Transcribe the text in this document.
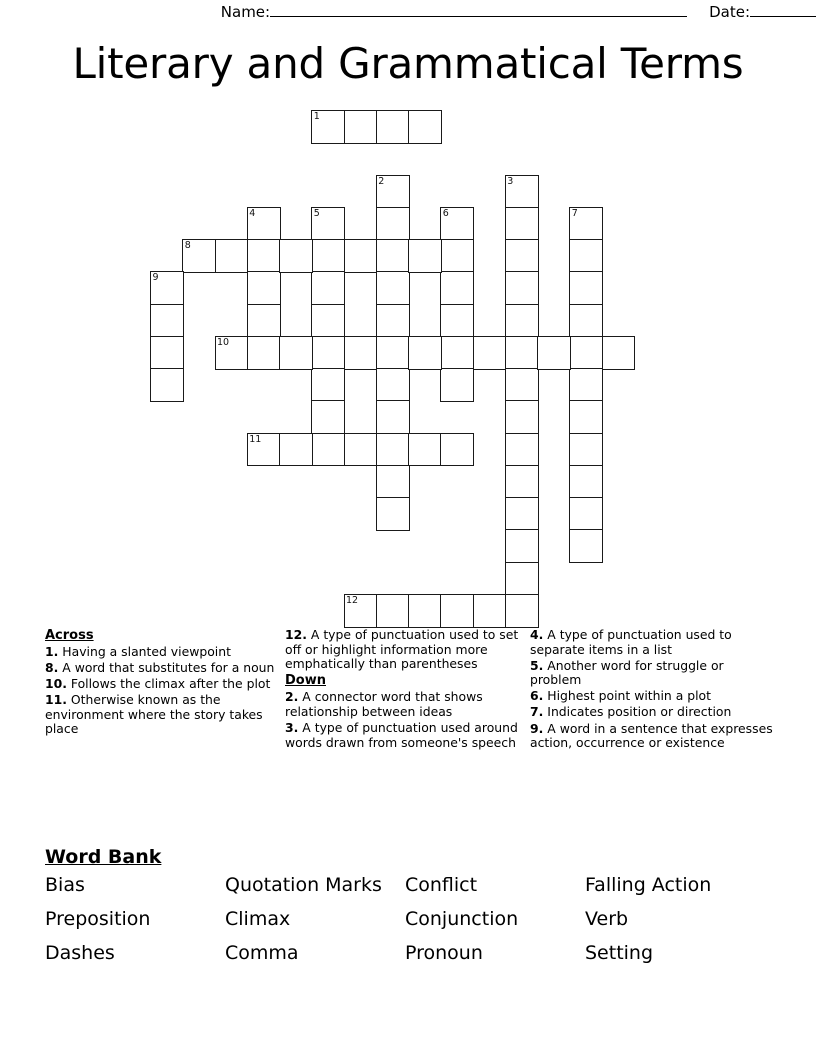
Name:	Date:
Literary and Grammatical Terms
1
2	3
4	5	6	7
8
9
10
11
12
Across
1. Having a slanted viewpoint
8. A word that substitutes for a noun
10. Follows the climax after the plot
11. Otherwise known as the environment where the story takes place
12. A type of punctuation used to set off or highlight information more emphatically than parentheses
Down
2. A connector word that shows relationship between ideas
3. A type of punctuation used around words drawn from someone's speech
4. A type of punctuation used to separate items in a list
5. Another word for struggle or problem
6. Highest point within a plot
7. Indicates position or direction
9. A word in a sentence that expresses action, occurrence or existence
Word Bank
Bias	Quotation Marks	Conflict	Falling Action
Preposition	Climax	Conjunction	Verb
Dashes	Comma	Pronoun	Setting
